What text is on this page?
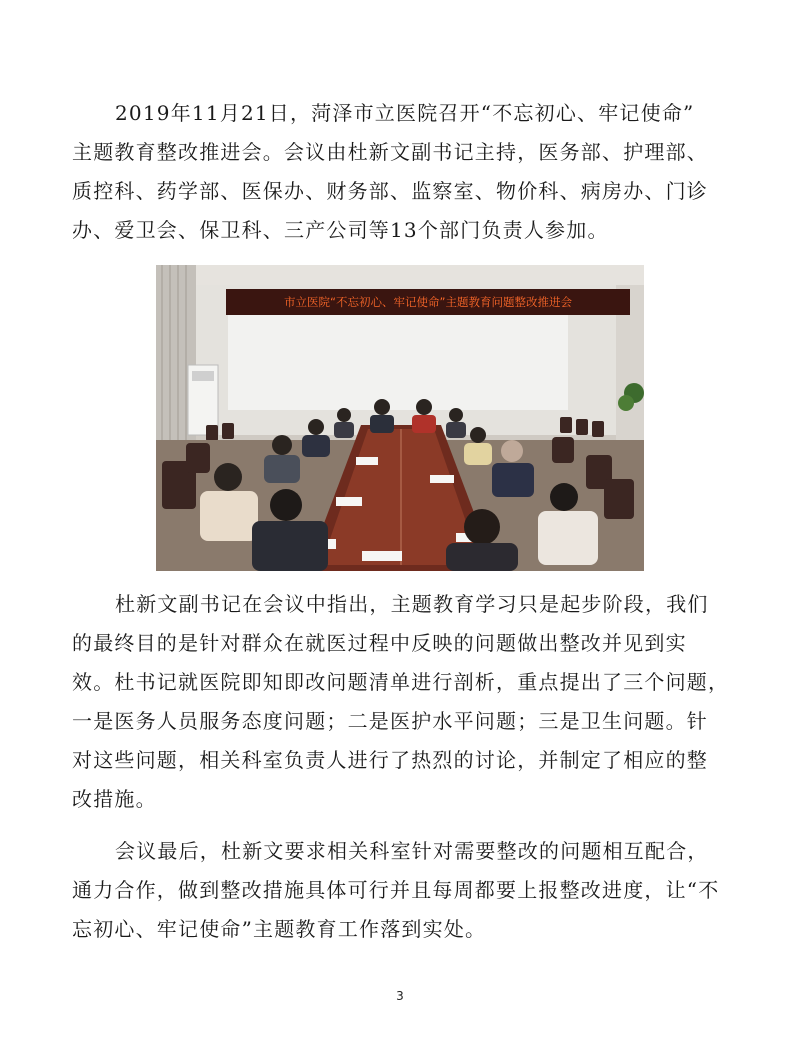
2019年11月21日，菏泽市立医院召开“不忘初心、牢记使命”
主题教育整改推进会。会议由杜新文副书记主持，医务部、护理部、
质控科、药学部、医保办、财务部、监察室、物价科、病房办、门诊
办、爱卫会、保卫科、三产公司等13个部门负责人参加。
市立医院“不忘初心、牢记使命”主题教育问题整改推进会
杜新文副书记在会议中指出，主题教育学习只是起步阶段，我们
的最终目的是针对群众在就医过程中反映的问题做出整改并见到实
效。杜书记就医院即知即改问题清单进行剖析，重点提出了三个问题，
一是医务人员服务态度问题；二是医护水平问题；三是卫生问题。针
对这些问题，相关科室负责人进行了热烈的讨论，并制定了相应的整
改措施。
会议最后，杜新文要求相关科室针对需要整改的问题相互配合，
通力合作，做到整改措施具体可行并且每周都要上报整改进度，让“不
忘初心、牢记使命”主题教育工作落到实处。
3
